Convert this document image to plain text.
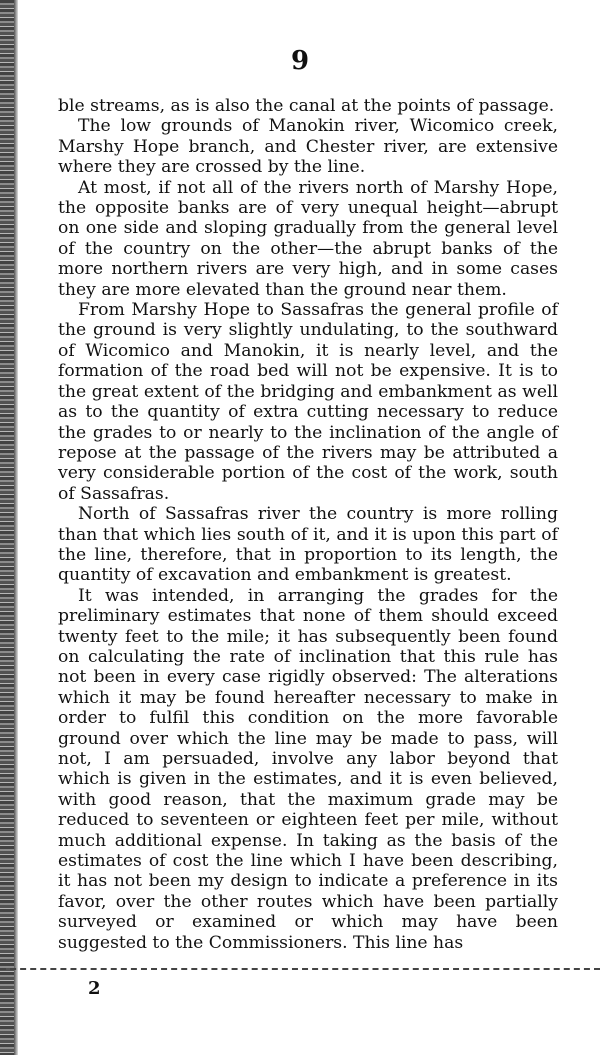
9

ble streams, as is also the canal at the points of passage.

The low grounds of Manokin river, Wicomico creek, Marshy Hope branch, and Chester river, are extensive where they are crossed by the line.

At most, if not all of the rivers north of Marshy Hope, the opposite banks are of very unequal height—abrupt on one side and sloping gradually from the general level of the country on the other—the abrupt banks of the more northern rivers are very high, and in some cases they are more elevated than the ground near them.

From Marshy Hope to Sassafras the general profile of the ground is very slightly undulating, to the southward of Wicomico and Manokin, it is nearly level, and the formation of the road bed will not be expensive. It is to the great extent of the bridging and embankment as well as to the quantity of extra cutting necessary to reduce the grades to or nearly to the inclination of the angle of repose at the passage of the rivers may be attributed a very considerable portion of the cost of the work, south of Sassafras.

North of Sassafras river the country is more rolling than that which lies south of it, and it is upon this part of the line, therefore, that in proportion to its length, the quantity of excavation and embankment is greatest.

It was intended, in arranging the grades for the preliminary estimates that none of them should exceed twenty feet to the mile; it has subsequently been found on calculating the rate of inclination that this rule has not been in every case rigidly observed: The alterations which it may be found hereafter necessary to make in order to fulfil this condition on the more favorable ground over which the line may be made to pass, will not, I am persuaded, involve any labor beyond that which is given in the estimates, and it is even believed, with good reason, that the maximum grade may be reduced to seventeen or eighteen feet per mile, without much additional expense. In taking as the basis of the estimates of cost the line which I have been describing, it has not been my design to indicate a preference in its favor, over the other routes which have been partially surveyed or examined or which may have been suggested to the Commissioners. This line has

2
